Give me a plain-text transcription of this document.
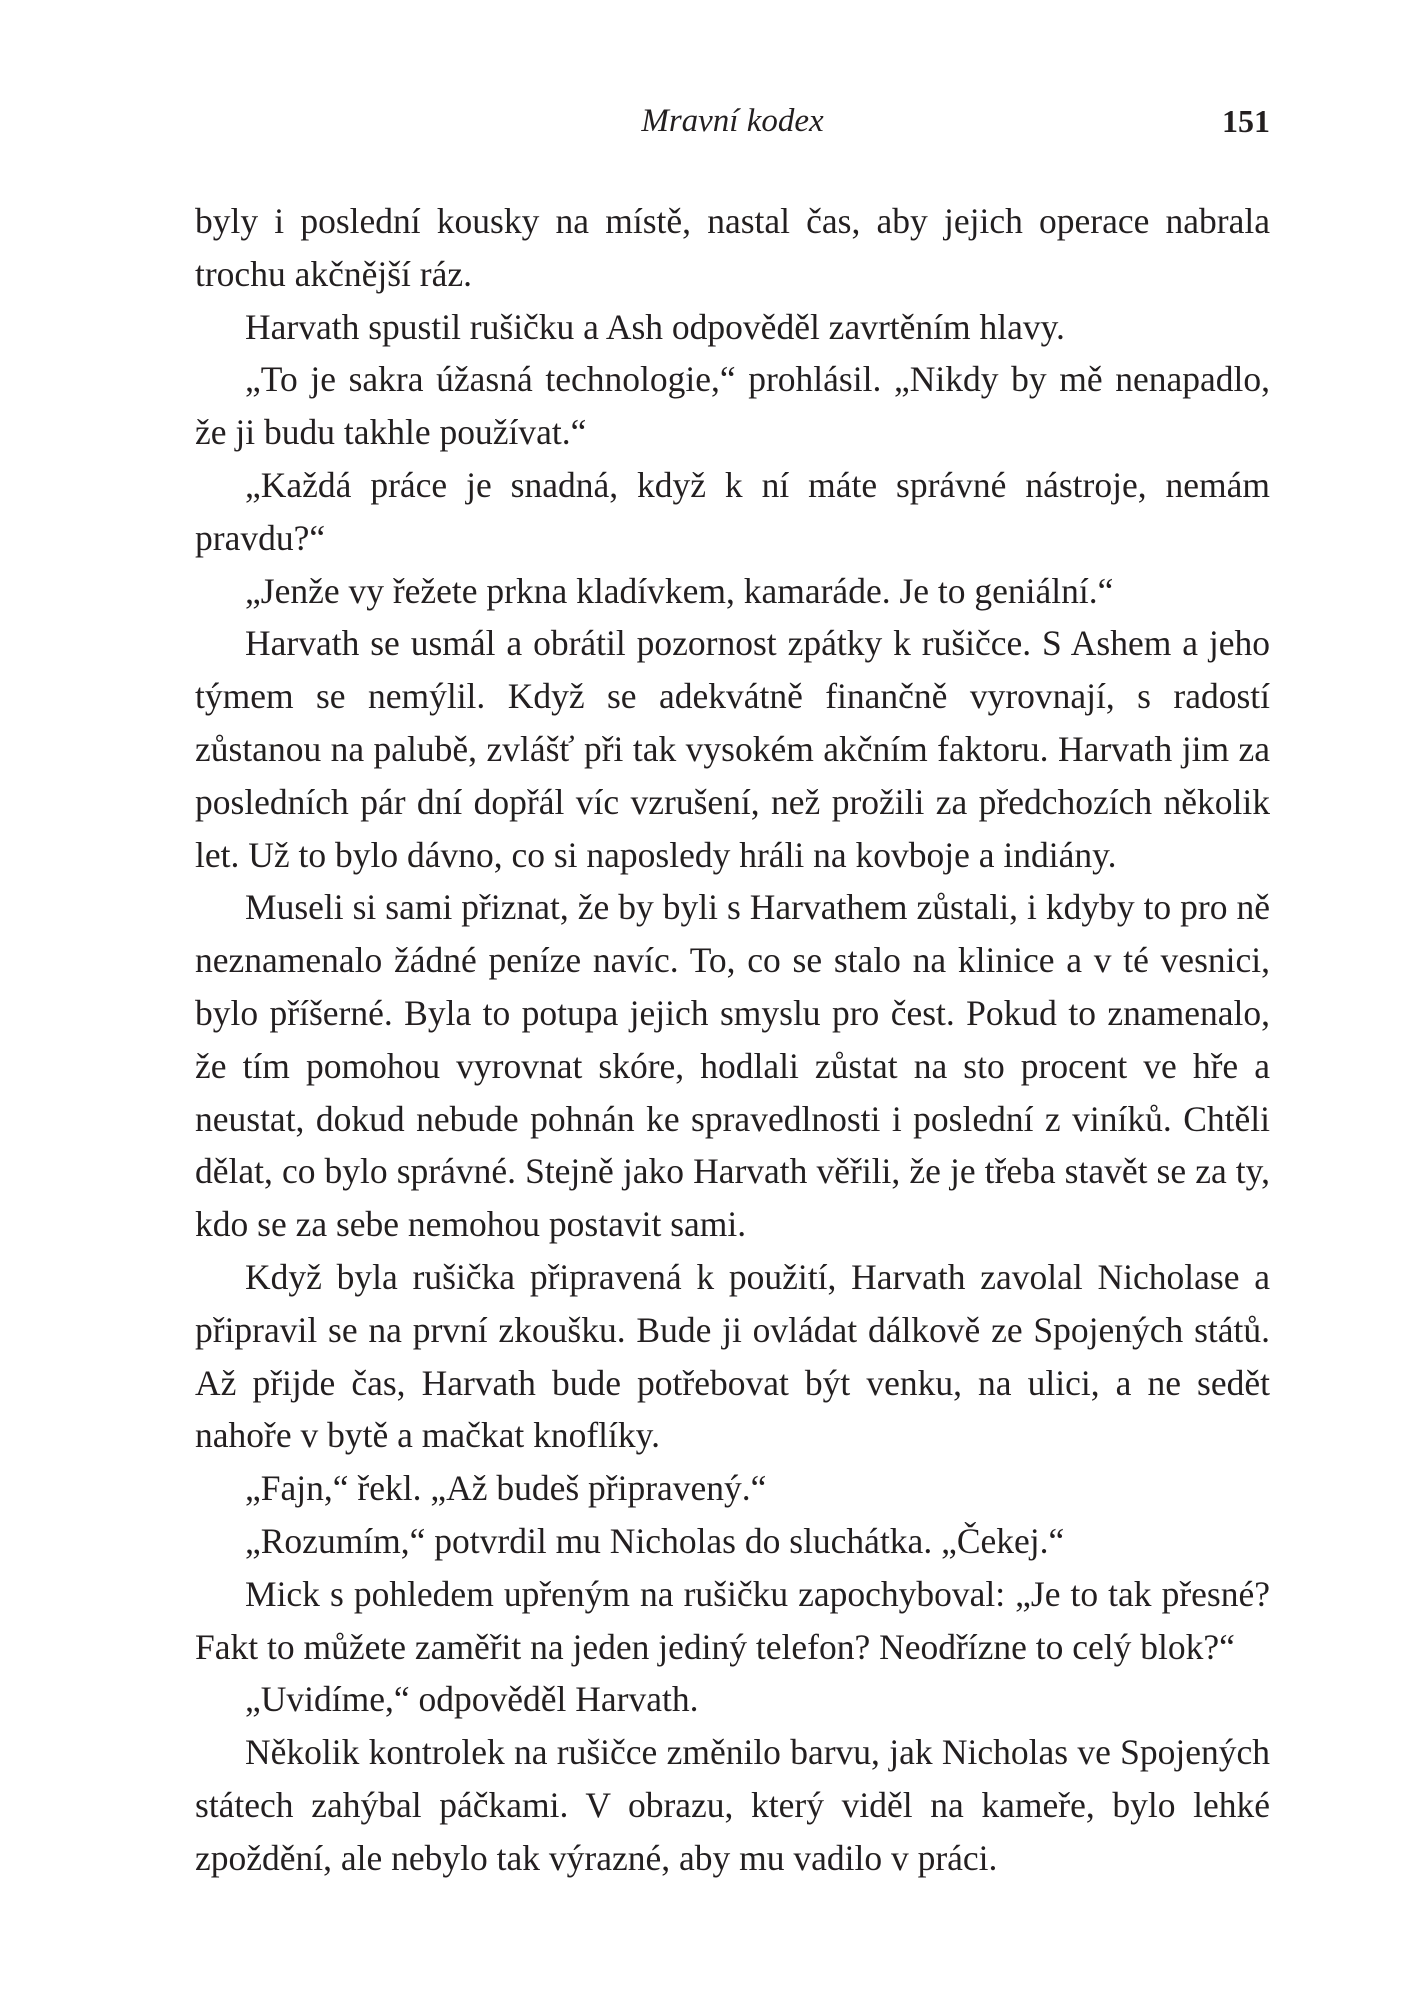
Mravní kodex	151

byly i poslední kousky na místě, nastal čas, aby jejich operace nabrala trochu akčnější ráz.

Harvath spustil rušičku a Ash odpověděl zavrtěním hlavy.

„To je sakra úžasná technologie,“ prohlásil. „Nikdy by mě nenapadlo, že ji budu takhle používat.“

„Každá práce je snadná, když k ní máte správné nástroje, nemám pravdu?“

„Jenže vy řežete prkna kladívkem, kamaráde. Je to geniální.“

Harvath se usmál a obrátil pozornost zpátky k rušičce. S Ashem a jeho týmem se nemýlil. Když se adekvátně finančně vyrovnají, s radostí zůstanou na palubě, zvlášť při tak vysokém akčním faktoru. Harvath jim za posledních pár dní dopřál víc vzrušení, než prožili za předchozích několik let. Už to bylo dávno, co si naposledy hráli na kovboje a indiány.

Museli si sami přiznat, že by byli s Harvathem zůstali, i kdyby to pro ně neznamenalo žádné peníze navíc. To, co se stalo na klinice a v té vesnici, bylo příšerné. Byla to potupa jejich smyslu pro čest. Pokud to znamenalo, že tím pomohou vyrovnat skóre, hodlali zůstat na sto procent ve hře a neustat, dokud nebude pohnán ke spravedlnosti i poslední z viníků. Chtěli dělat, co bylo správné. Stejně jako Harvath věřili, že je třeba stavět se za ty, kdo se za sebe nemohou postavit sami.

Když byla rušička připravená k použití, Harvath zavolal Nicholase a připravil se na první zkoušku. Bude ji ovládat dálkově ze Spojených států. Až přijde čas, Harvath bude potřebovat být venku, na ulici, a ne sedět nahoře v bytě a mačkat knoflíky.

„Fajn,“ řekl. „Až budeš připravený.“

„Rozumím,“ potvrdil mu Nicholas do sluchátka. „Čekej.“

Mick s pohledem upřeným na rušičku zapochyboval: „Je to tak přesné? Fakt to můžete zaměřit na jeden jediný telefon? Neodřízne to celý blok?“

„Uvidíme,“ odpověděl Harvath.

Několik kontrolek na rušičce změnilo barvu, jak Nicholas ve Spojených státech zahýbal páčkami. V obrazu, který viděl na kameře, bylo lehké zpoždění, ale nebylo tak výrazné, aby mu vadilo v práci.
